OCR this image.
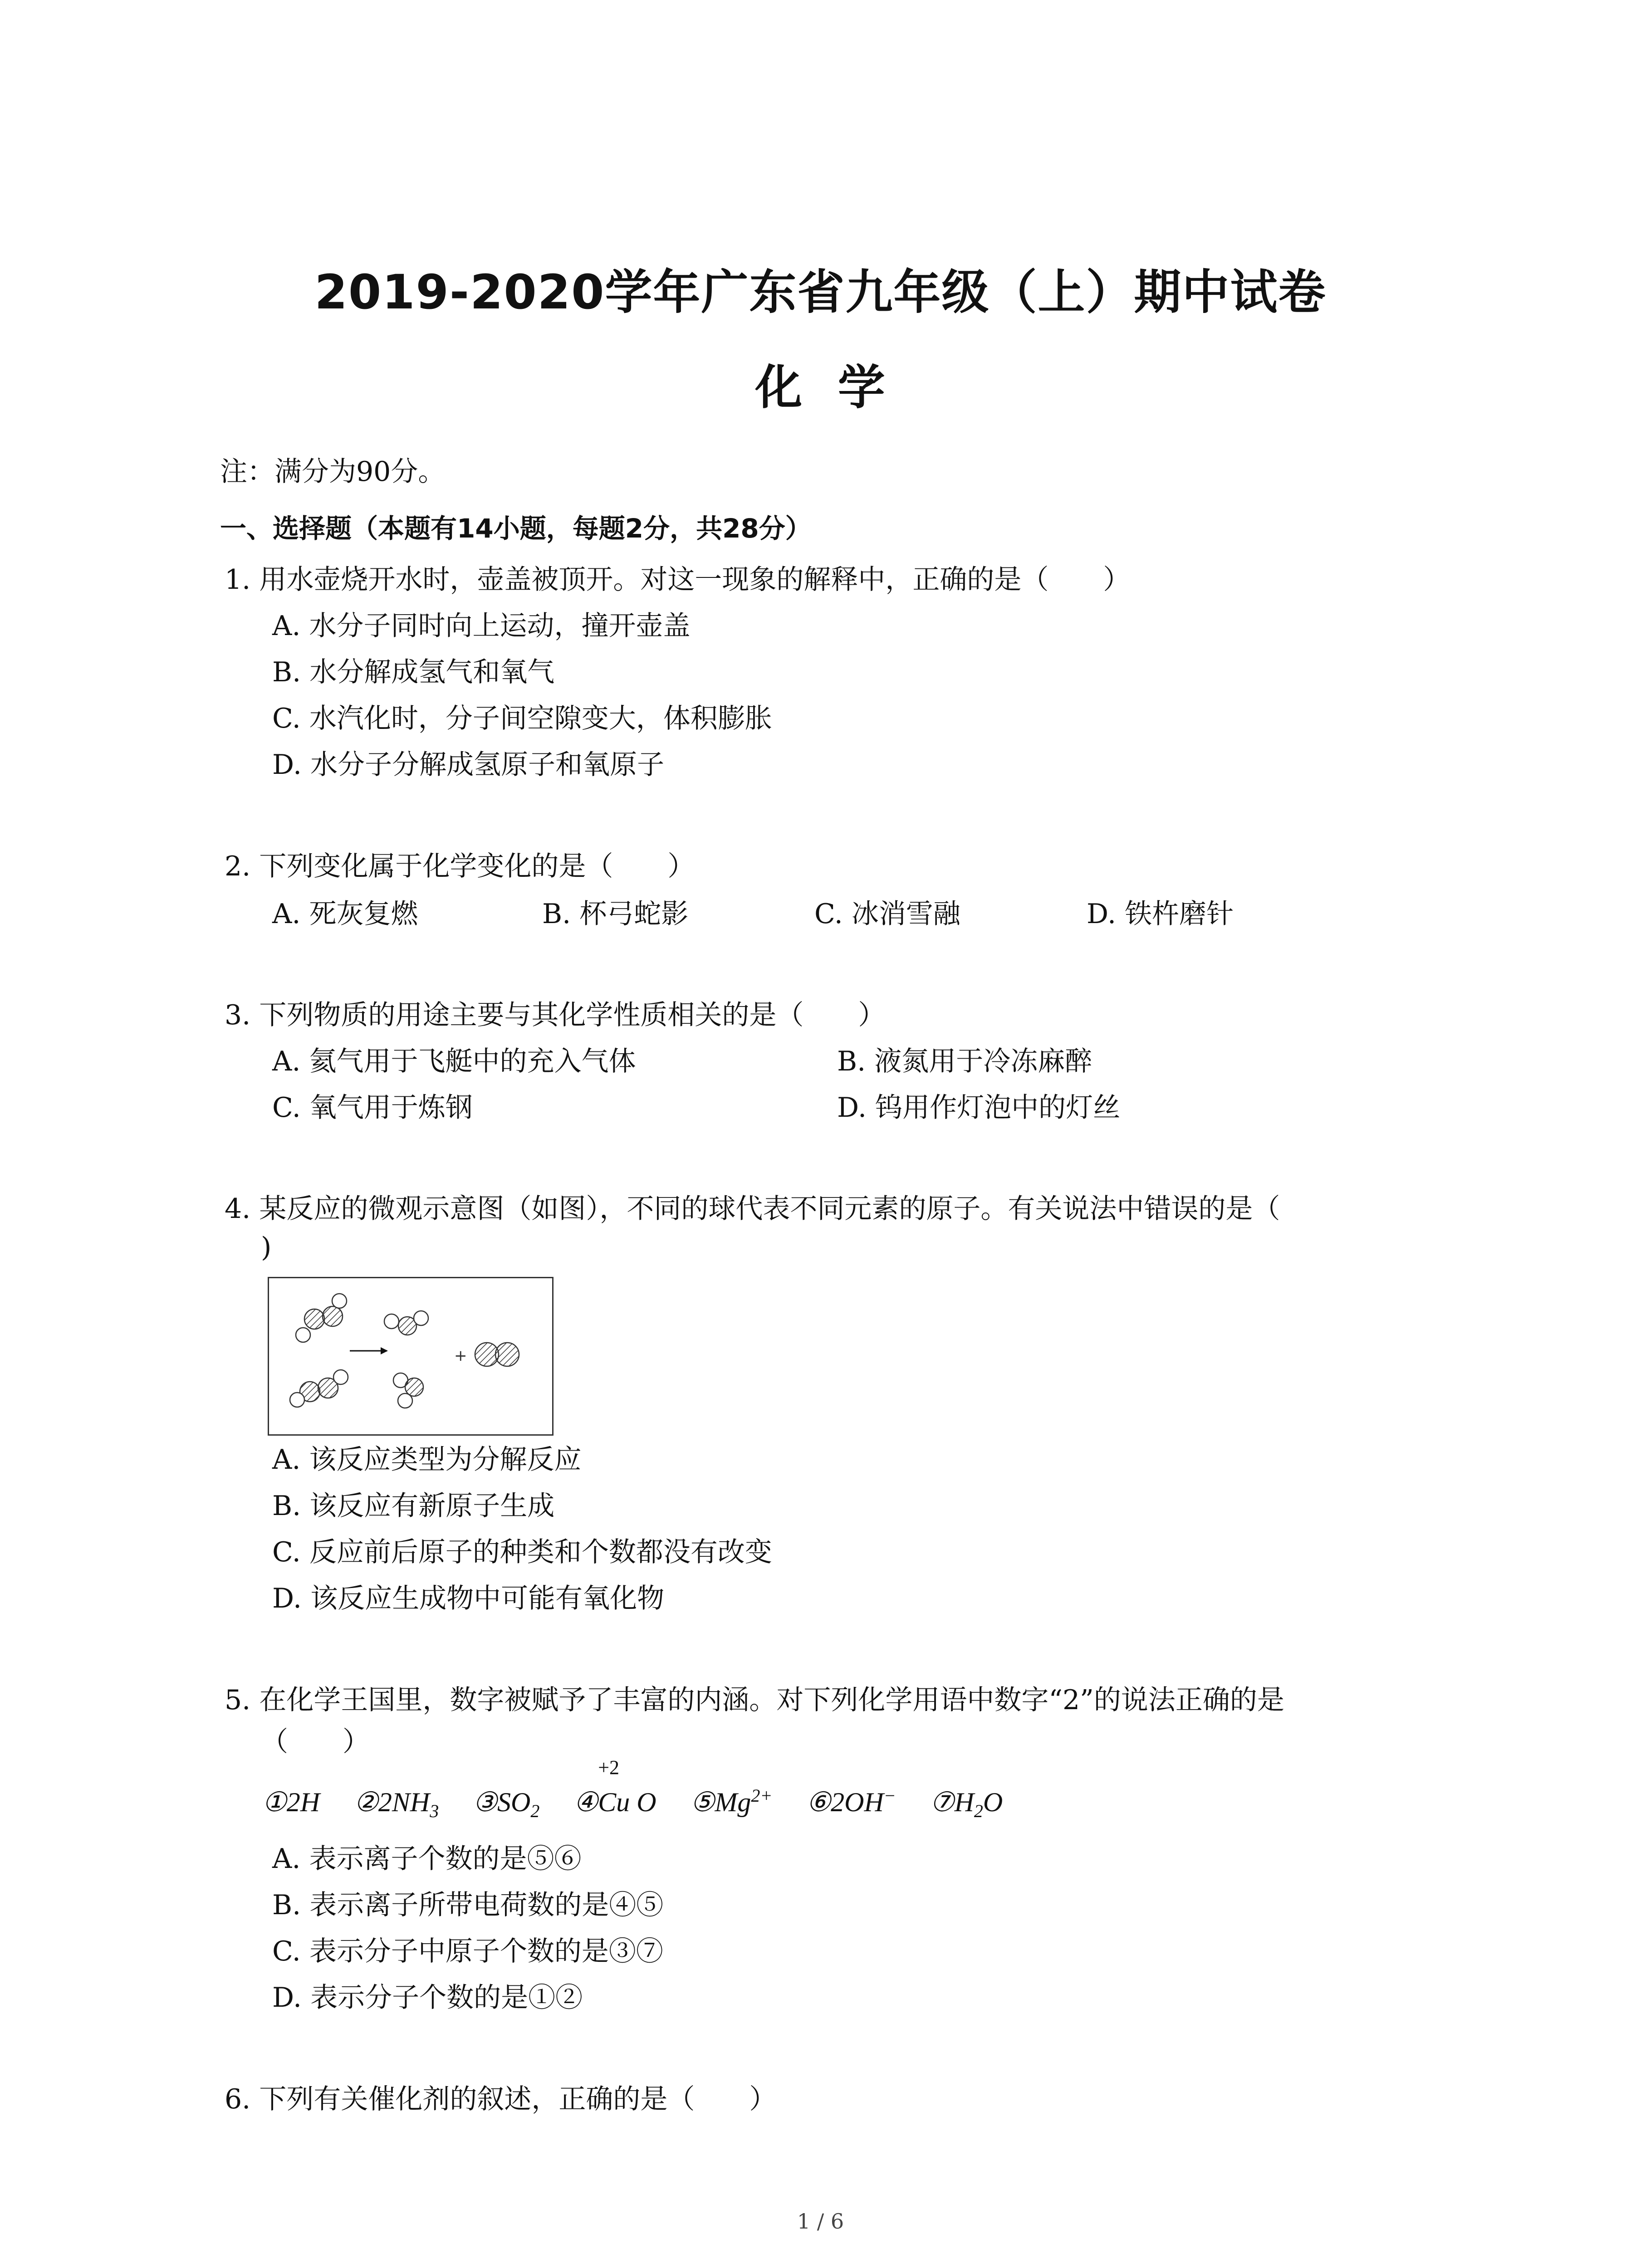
2019-2020学年广东省九年级（上）期中试卷
化  学
注：满分为90分。
一、选择题（本题有14小题，每题2分，共28分）
1. 用水壶烧开水时，壶盖被顶开。对这一现象的解释中，正确的是（　　）
A. 水分子同时向上运动，撞开壶盖
B. 水分解成氢气和氧气
C. 水汽化时，分子间空隙变大，体积膨胀
D. 水分子分解成氢原子和氧原子
2. 下列变化属于化学变化的是（　　）
A. 死灰复燃	B. 杯弓蛇影	C. 冰消雪融	D. 铁杵磨针
3. 下列物质的用途主要与其化学性质相关的是（　　）
A. 氦气用于飞艇中的充入气体	B. 液氮用于冷冻麻醉
C. 氧气用于炼钢	D. 钨用作灯泡中的灯丝
4. 某反应的微观示意图（如图），不同的球代表不同元素的原子。有关说法中错误的是（
)
+
A. 该反应类型为分解反应
B. 该反应有新原子生成
C. 反应前后原子的种类和个数都没有改变
D. 该反应生成物中可能有氧化物
5. 在化学王国里，数字被赋予了丰富的内涵。对下列化学用语中数字“2”的说法正确的是
（　　）
①2H $②2NH_3$ $③SO_2$ ④
+2
Cu O $⑤Mg^{2+}$ ⑥2OH− $⑦H_2O$
A. 表示离子个数的是⑤⑥
B. 表示离子所带电荷数的是④⑤
C. 表示分子中原子个数的是③⑦
D. 表示分子个数的是①②
6. 下列有关催化剂的叙述，正确的是（　　）
1 / 6
